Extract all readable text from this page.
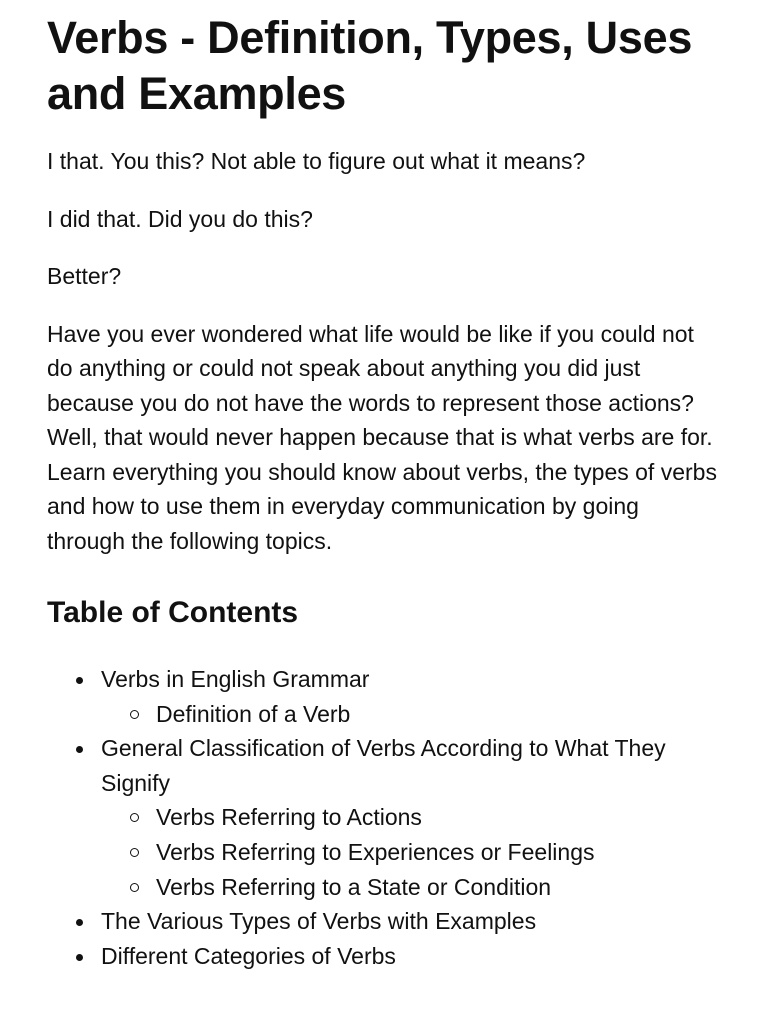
Verbs - Definition, Types, Uses and Examples

I that. You this? Not able to figure out what it means?

I did that. Did you do this?

Better?

Have you ever wondered what life would be like if you could not do anything or could not speak about anything you did just because you do not have the words to represent those actions? Well, that would never happen because that is what verbs are for. Learn everything you should know about verbs, the types of verbs and how to use them in everyday communication by going through the following topics.

Table of Contents
Verbs in English Grammar
Definition of a Verb
General Classification of Verbs According to What They Signify
Verbs Referring to Actions
Verbs Referring to Experiences or Feelings
Verbs Referring to a State or Condition
The Various Types of Verbs with Examples
Different Categories of Verbs
